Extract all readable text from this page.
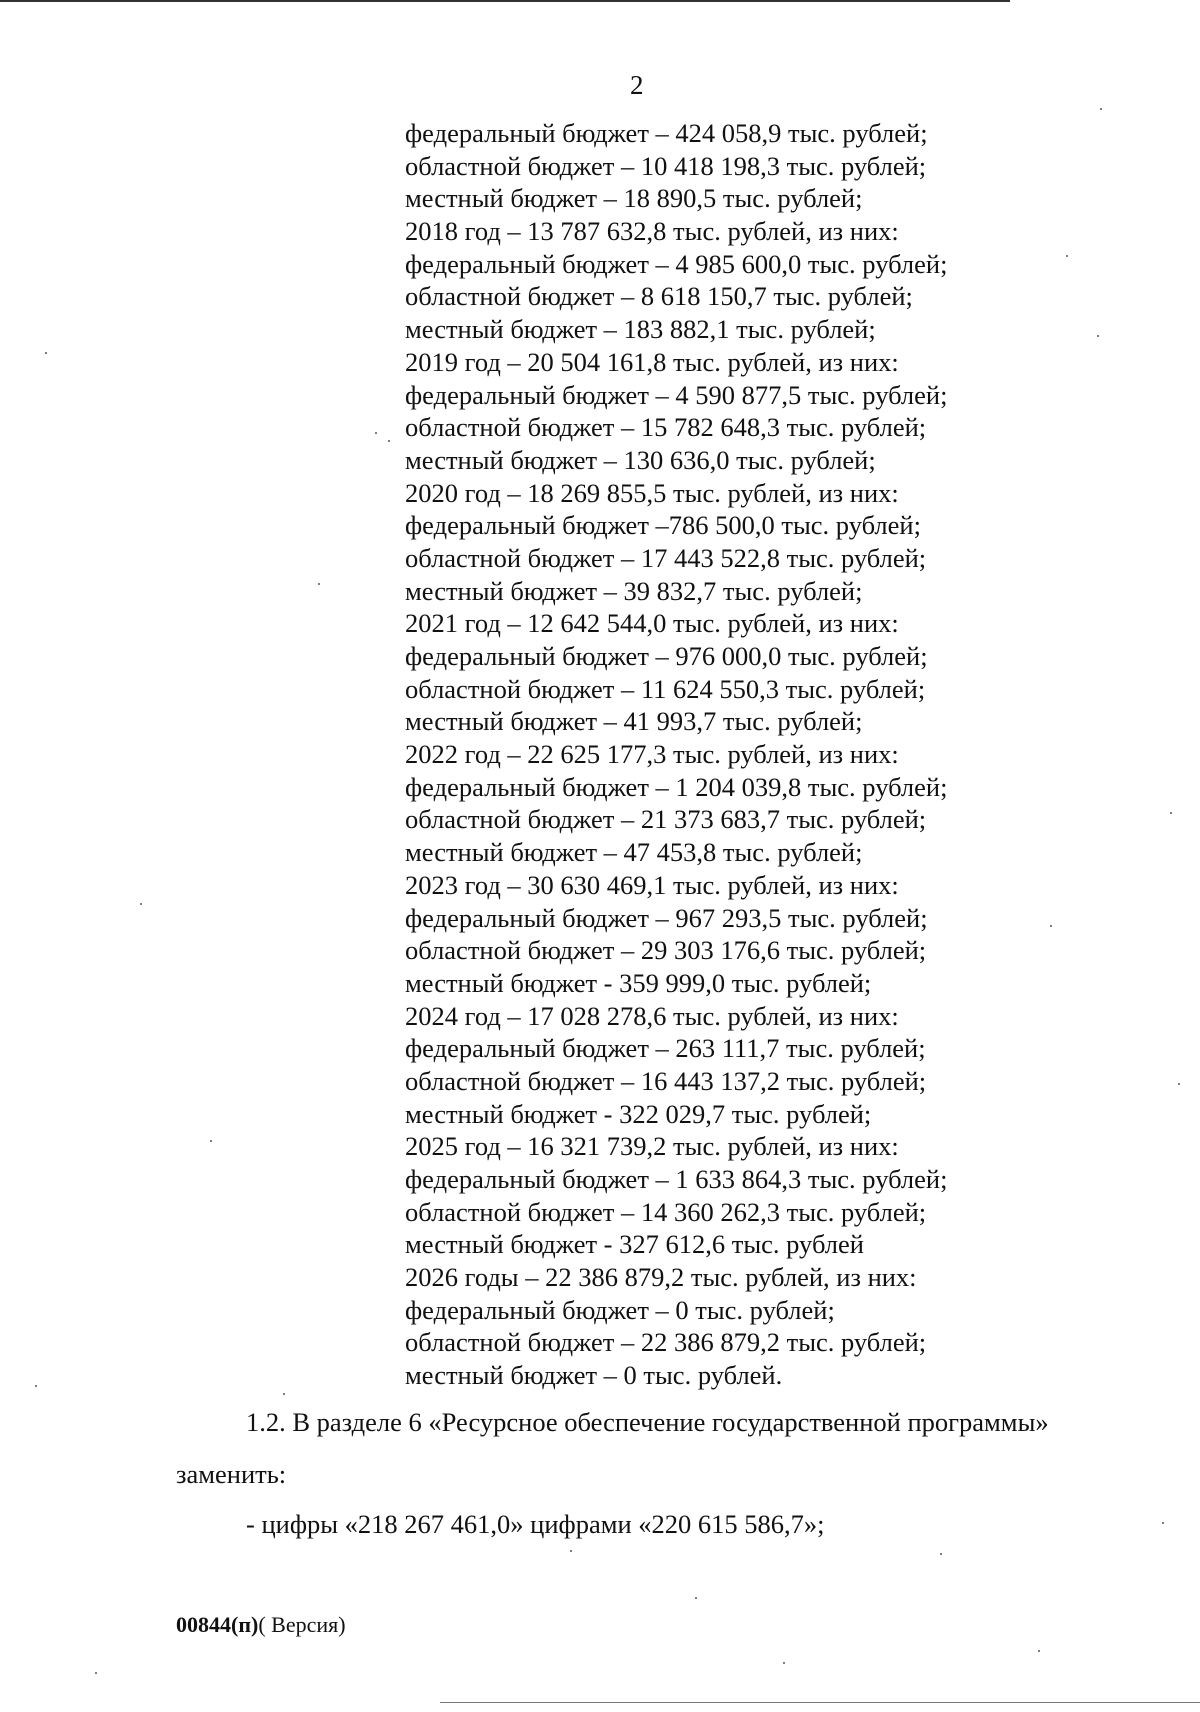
2
федеральный бюджет – 424 058,9 тыс. рублей;
областной бюджет – 10 418 198,3 тыс. рублей;
местный бюджет – 18 890,5 тыс. рублей;
2018 год – 13 787 632,8 тыс. рублей, из них:
федеральный бюджет – 4 985 600,0 тыс. рублей;
областной бюджет – 8 618 150,7 тыс. рублей;
местный бюджет – 183 882,1 тыс. рублей;
2019 год – 20 504 161,8 тыс. рублей, из них:
федеральный бюджет – 4 590 877,5 тыс. рублей;
областной бюджет – 15 782 648,3 тыс. рублей;
местный бюджет – 130 636,0 тыс. рублей;
2020 год – 18 269 855,5 тыс. рублей, из них:
федеральный бюджет –786 500,0 тыс. рублей;
областной бюджет – 17 443 522,8 тыс. рублей;
местный бюджет – 39 832,7 тыс. рублей;
2021 год – 12 642 544,0 тыс. рублей, из них:
федеральный бюджет – 976 000,0 тыс. рублей;
областной бюджет – 11 624 550,3 тыс. рублей;
местный бюджет – 41 993,7 тыс. рублей;
2022 год – 22 625 177,3 тыс. рублей, из них:
федеральный бюджет – 1 204 039,8 тыс. рублей;
областной бюджет – 21 373 683,7 тыс. рублей;
местный бюджет – 47 453,8 тыс. рублей;
2023 год – 30 630 469,1 тыс. рублей, из них:
федеральный бюджет – 967 293,5 тыс. рублей;
областной бюджет – 29 303 176,6 тыс. рублей;
местный бюджет - 359 999,0 тыс. рублей;
2024 год – 17 028 278,6 тыс. рублей, из них:
федеральный бюджет – 263 111,7 тыс. рублей;
областной бюджет – 16 443 137,2 тыс. рублей;
местный бюджет - 322 029,7 тыс. рублей;
2025 год – 16 321 739,2 тыс. рублей, из них:
федеральный бюджет – 1 633 864,3 тыс. рублей;
областной бюджет – 14 360 262,3 тыс. рублей;
местный бюджет - 327 612,6 тыс. рублей
2026 годы – 22 386 879,2 тыс. рублей, из них:
федеральный бюджет – 0 тыс. рублей;
областной бюджет – 22 386 879,2 тыс. рублей;
местный бюджет – 0 тыс. рублей.
1.2. В разделе 6 «Ресурсное обеспечение государственной программы»
заменить:
- цифры «218 267 461,0» цифрами «220 615 586,7»;
00844(п)( Версия)
